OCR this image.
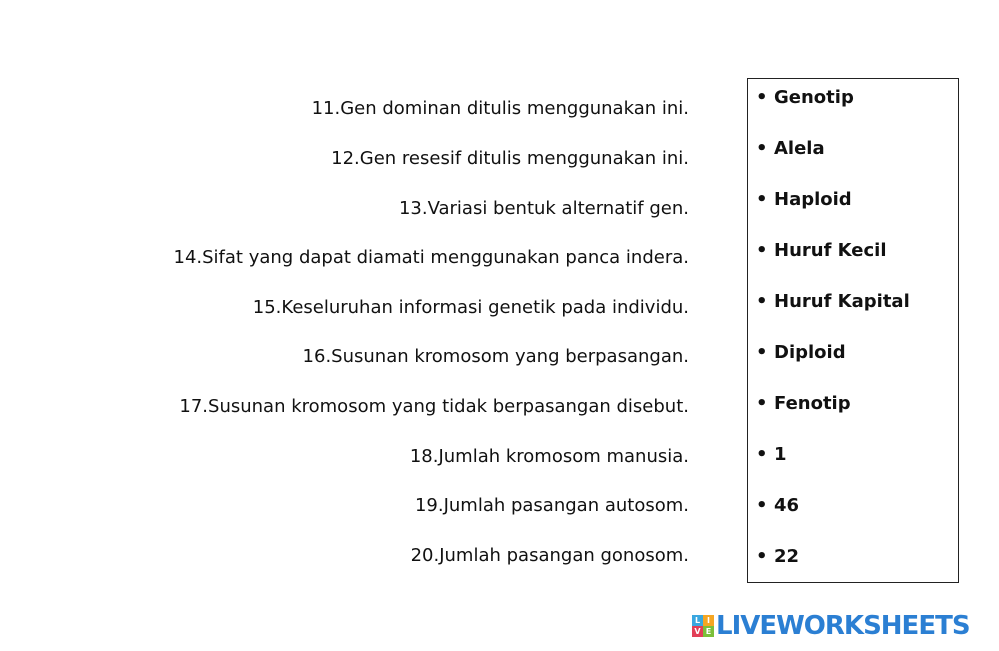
11.Gen dominan ditulis menggunakan ini.
12.Gen resesif ditulis menggunakan ini.
13.Variasi bentuk alternatif gen.
14.Sifat yang dapat diamati menggunakan panca indera.
15.Keseluruhan informasi genetik pada individu.
16.Susunan kromosom yang berpasangan.
17.Susunan kromosom yang tidak berpasangan disebut.
18.Jumlah kromosom manusia.
19.Jumlah pasangan autosom.
20.Jumlah pasangan gonosom.
• Genotip
• Alela
• Haploid
• Huruf Kecil
• Huruf Kapital
• Diploid
• Fenotip
• 1
• 46
• 22
L I
V E LIVEWORKSHEETS
